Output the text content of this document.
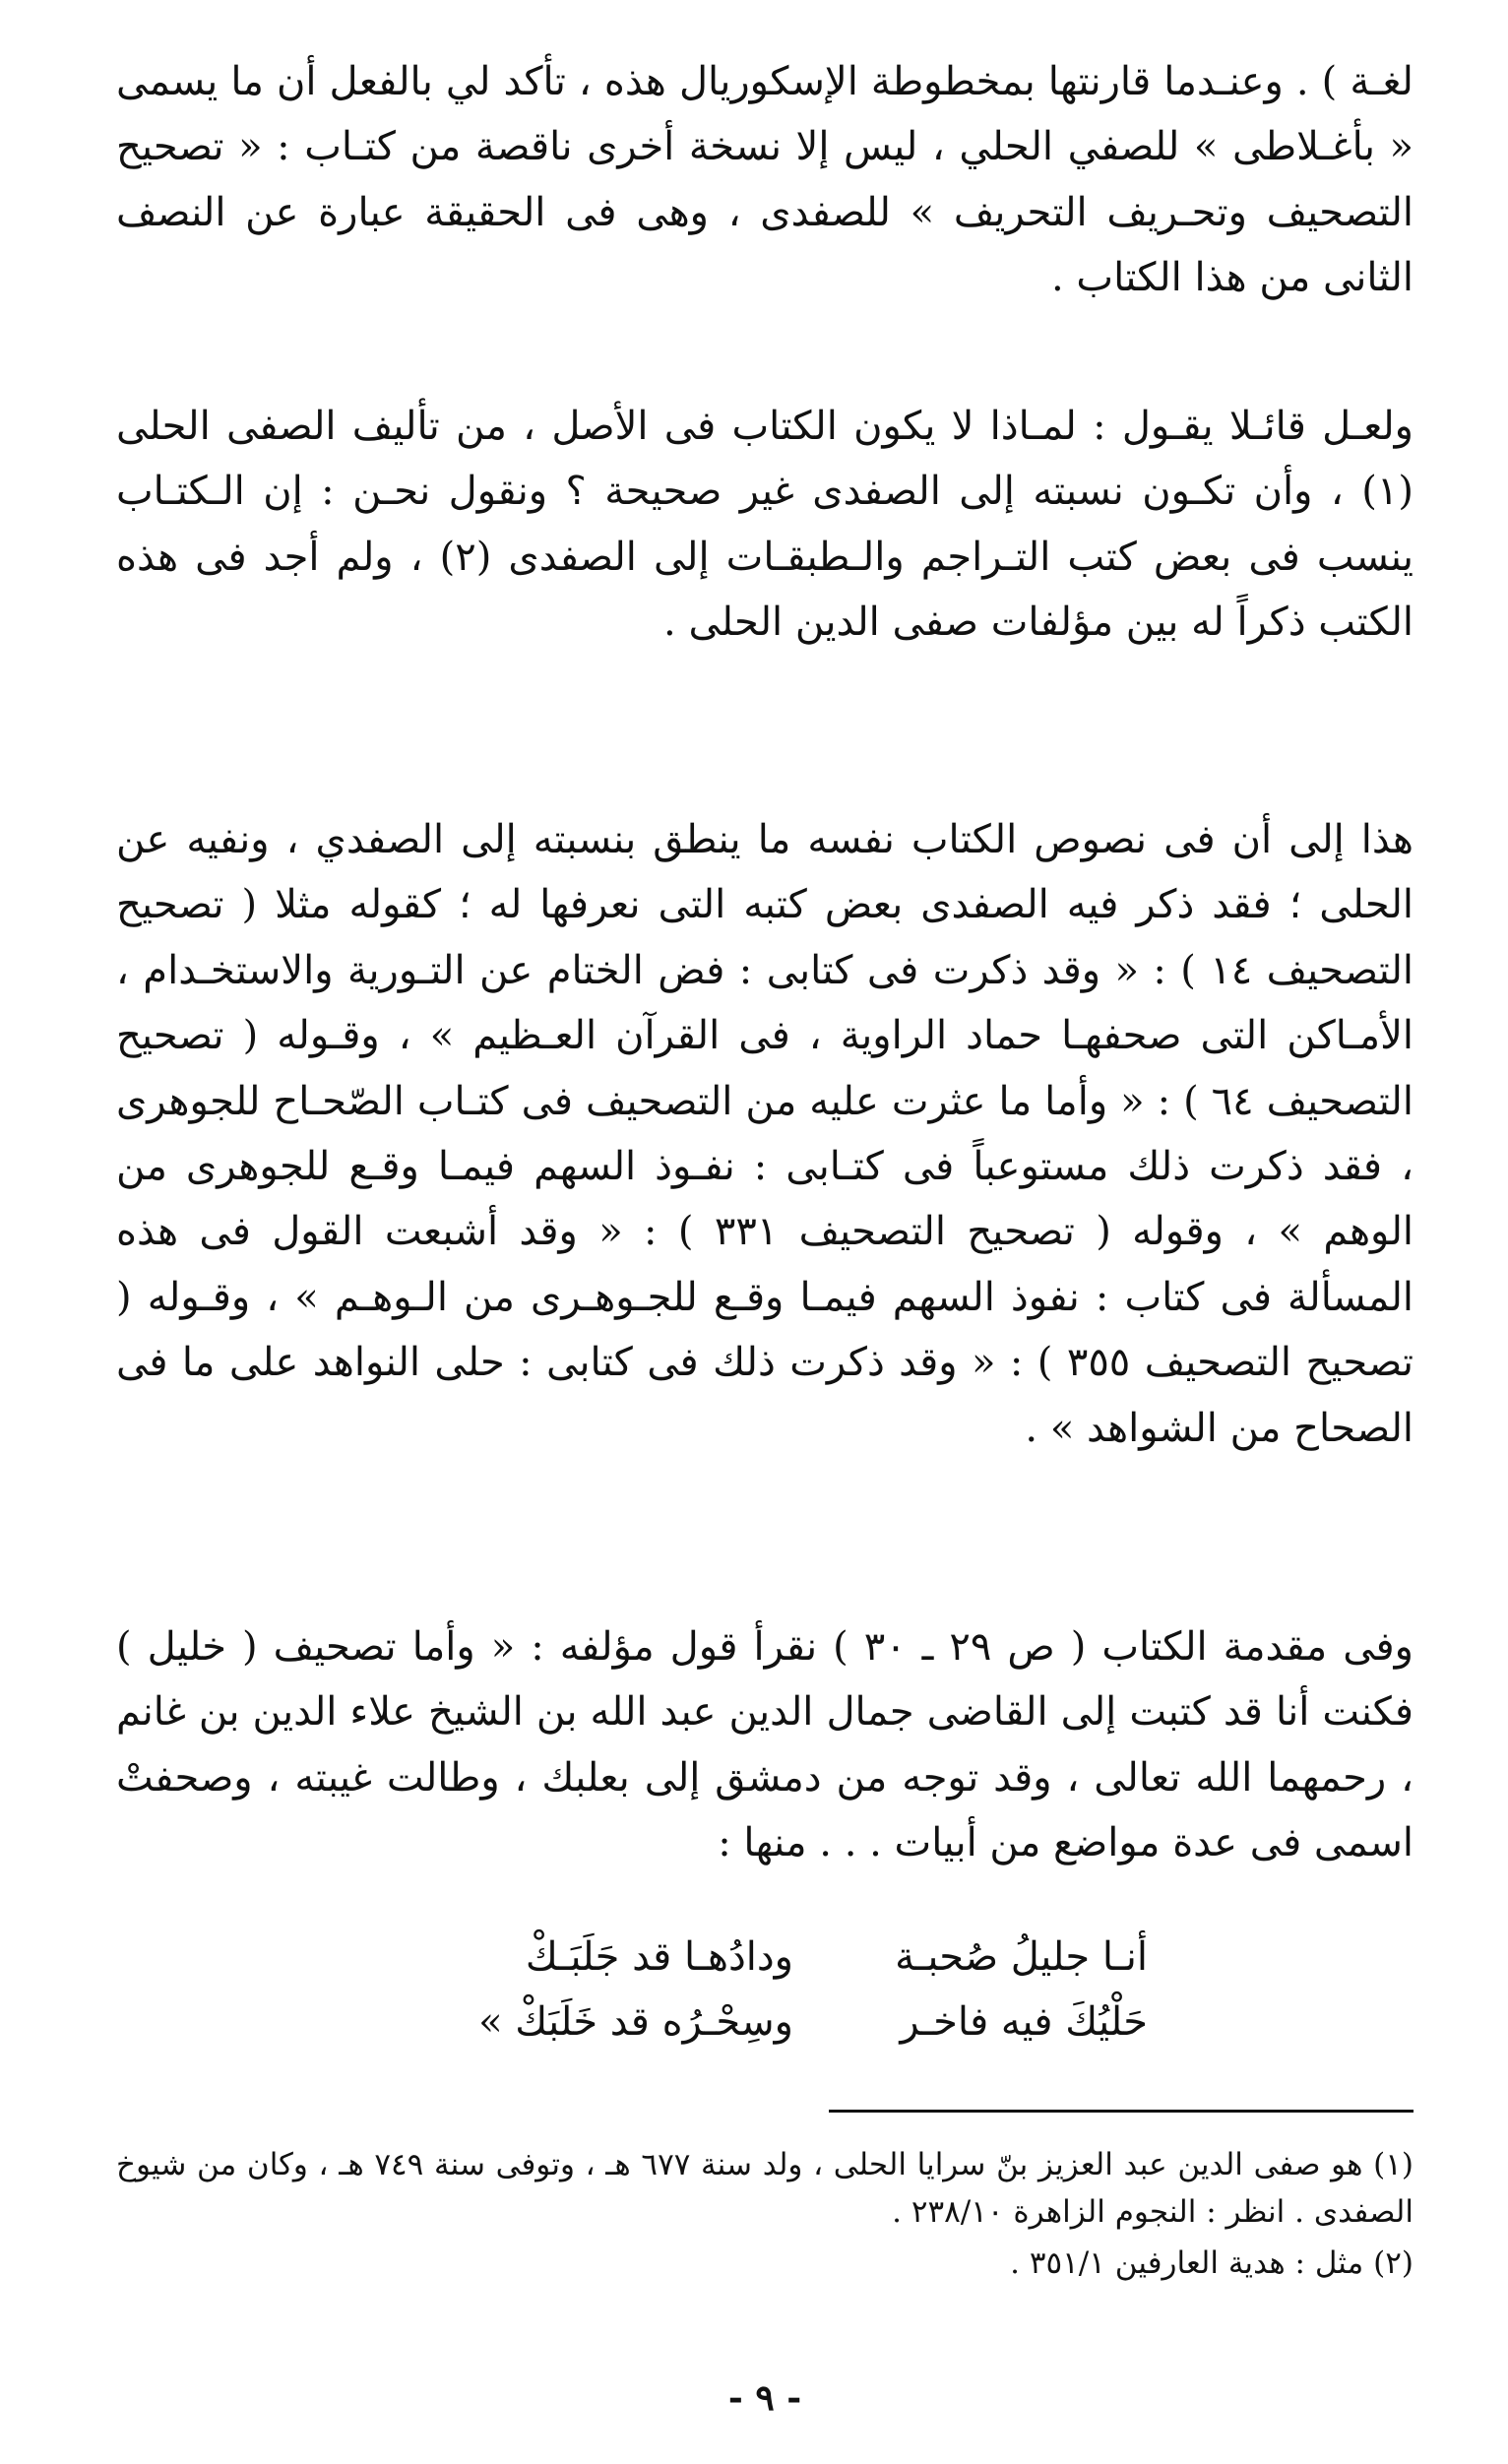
لغـة ) . وعنـدما قارنتها بمخطوطة الإسكوريال هذه ، تأكد لي بالفعل أن ما يسمى « بأغـلاطى » للصفي الحلي ، ليس إلا نسخة أخرى ناقصة من كتـاب : « تصحيح التصحيف وتحـريف التحريف » للصفدى ، وهى فى الحقيقة عبارة عن النصف الثانى من هذا الكتاب .

ولعـل قائـلا يقـول : لمـاذا لا يكون الكتاب فى الأصل ، من تأليف الصفى الحلى (١) ، وأن تكـون نسبته إلى الصفدى غير صحيحة ؟ ونقول نحـن : إن الـكتـاب ينسب فى بعض كتب التـراجم والـطبقـات إلى الصفدى (٢) ، ولم أجد فى هذه الكتب ذكراً له بين مؤلفات صفى الدين الحلى .

هذا إلى أن فى نصوص الكتاب نفسه ما ينطق بنسبته إلى الصفدي ، ونفيه عن الحلى ؛ فقد ذكر فيه الصفدى بعض كتبه التى نعرفها له ؛ كقوله مثلا ( تصحيح التصحيف ١٤ ) : « وقد ذكرت فى كتابى : فض الختام عن التـورية والاستخـدام ، الأمـاكن التى صحفهـا حماد الراوية ، فى القرآن العـظيم » ، وقـوله ( تصحيح التصحيف ٦٤ ) : « وأما ما عثرت عليه من التصحيف فى كتـاب الصّحـاح للجوهرى ، فقد ذكرت ذلك مستوعباً فى كتـابى : نفـوذ السهم فيمـا وقـع للجوهرى من الوهم » ، وقوله ( تصحيح التصحيف ٣٣١ ) : « وقد أشبعت القول فى هذه المسألة فى كتاب : نفوذ السهم فيمـا وقـع للجـوهـرى من الـوهـم » ، وقـوله ( تصحيح التصحيف ٣٥٥ ) : « وقد ذكرت ذلك فى كتابى : حلى النواهد على ما فى الصحاح من الشواهد » .

وفى مقدمة الكتاب ( ص ٢٩ ـ ٣٠ ) نقرأ قول مؤلفه : « وأما تصحيف ( خليل ) فكنت أنا قد كتبت إلى القاضى جمال الدين عبد الله بن الشيخ علاء الدين بن غانم ، رحمهما الله تعالى ، وقد توجه من دمشق إلى بعلبك ، وطالت غيبته ، وصحفتْ اسمى فى عدة مواضع من أبيات . . . منها :

أنـا جليلُ صُحبـة
ودادُهـا قد جَلَبَـكْ
حَلْيُكَ فيه فاخـر
وسِحْـرُه قد خَلَبَكْ »

(١) هو صفى الدين عبد العزيز بنّ سرايا الحلى ، ولد سنة ٦٧٧ هـ ، وتوفى سنة ٧٤٩ هـ ، وكان من شيوخ الصفدى . انظر : النجوم الزاهرة ٢٣٨/١٠ .

(٢) مثل : هدية العارفين ٣٥١/١ .

- ٩ -
